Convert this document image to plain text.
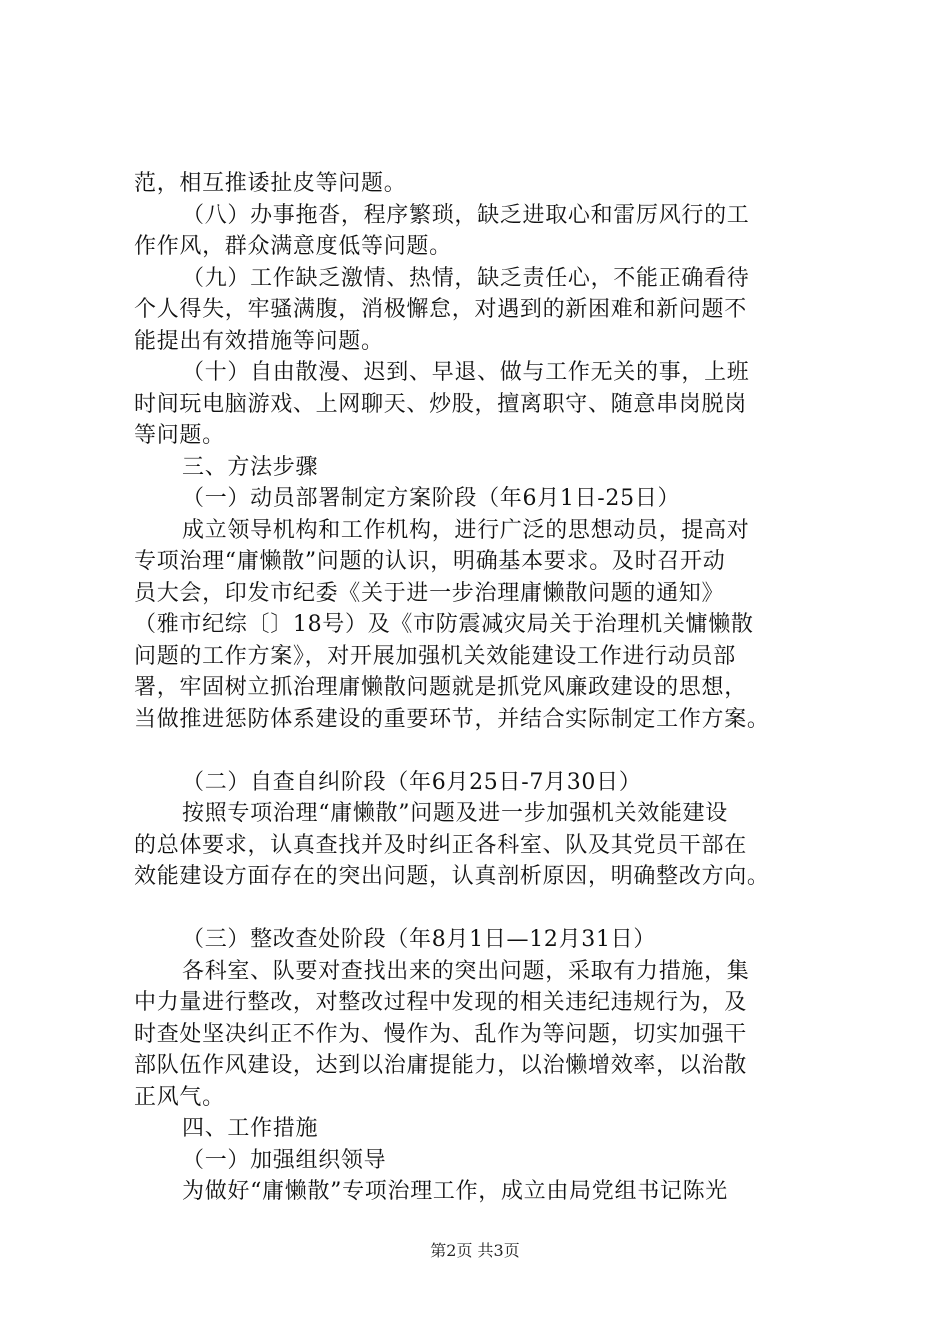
范，相互推诿扯皮等问题。
（八）办事拖沓，程序繁琐，缺乏进取心和雷厉风行的工
作作风，群众满意度低等问题。
（九）工作缺乏激情、热情，缺乏责任心，不能正确看待
个人得失，牢骚满腹，消极懈怠，对遇到的新困难和新问题不
能提出有效措施等问题。
（十）自由散漫、迟到、早退、做与工作无关的事，上班
时间玩电脑游戏、上网聊天、炒股，擅离职守、随意串岗脱岗
等问题。
三、方法步骤
（一）动员部署制定方案阶段（年6月1日-25日）
成立领导机构和工作机构，进行广泛的思想动员，提高对
专项治理“庸懒散”问题的认识，明确基本要求。及时召开动
员大会，印发市纪委《关于进一步治理庸懒散问题的通知》
（雅市纪综〔〕18号）及《市防震减灾局关于治理机关慵懒散
问题的工作方案》，对开展加强机关效能建设工作进行动员部
署，牢固树立抓治理庸懒散问题就是抓党风廉政建设的思想，
当做推进惩防体系建设的重要环节，并结合实际制定工作方案。
（二）自查自纠阶段（年6月25日-7月30日）
按照专项治理“庸懒散”问题及进一步加强机关效能建设
的总体要求，认真查找并及时纠正各科室、队及其党员干部在
效能建设方面存在的突出问题，认真剖析原因，明确整改方向。
（三）整改查处阶段（年8月1日—12月31日）
各科室、队要对查找出来的突出问题，采取有力措施，集
中力量进行整改，对整改过程中发现的相关违纪违规行为，及
时查处坚决纠正不作为、慢作为、乱作为等问题，切实加强干
部队伍作风建设，达到以治庸提能力，以治懒增效率，以治散
正风气。
四、工作措施
（一）加强组织领导
为做好“庸懒散”专项治理工作，成立由局党组书记陈光
第2页 共3页
